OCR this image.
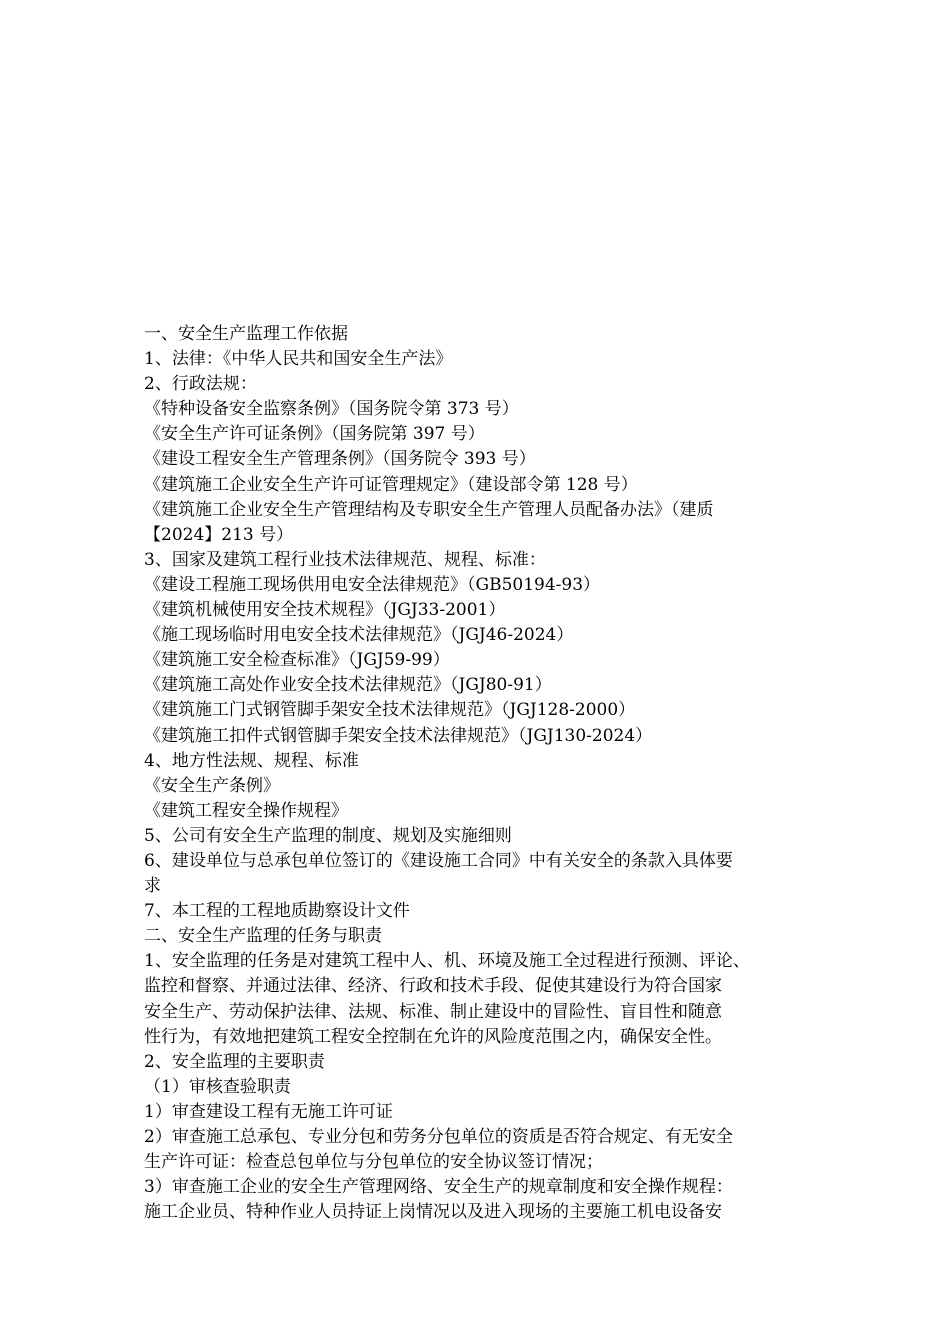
一、安全生产监理工作依据
1、法律：《中华人民共和国安全生产法》
2、行政法规：
《特种设备安全监察条例》（国务院令第 373 号）
《安全生产许可证条例》（国务院第 397 号）
《建设工程安全生产管理条例》（国务院令 393 号）
《建筑施工企业安全生产许可证管理规定》（建设部令第 128 号）
《建筑施工企业安全生产管理结构及专职安全生产管理人员配备办法》（建质
【2024】213 号）
3、国家及建筑工程行业技术法律规范、规程、标准：
《建设工程施工现场供用电安全法律规范》（GB50194-93）
《建筑机械使用安全技术规程》（JGJ33-2001）
《施工现场临时用电安全技术法律规范》（JGJ46-2024）
《建筑施工安全检查标准》（JGJ59-99）
《建筑施工高处作业安全技术法律规范》（JGJ80-91）
《建筑施工门式钢管脚手架安全技术法律规范》（JGJ128-2000）
《建筑施工扣件式钢管脚手架安全技术法律规范》（JGJ130-2024）
4、地方性法规、规程、标准
《安全生产条例》
《建筑工程安全操作规程》
5、公司有安全生产监理的制度、规划及实施细则
6、建设单位与总承包单位签订的《建设施工合同》中有关安全的条款入具体要
求
7、本工程的工程地质勘察设计文件
二、安全生产监理的任务与职责
1、安全监理的任务是对建筑工程中人、机、环境及施工全过程进行预测、评论、
监控和督察、并通过法律、经济、行政和技术手段、促使其建设行为符合国家
安全生产、劳动保护法律、法规、标准、制止建设中的冒险性、盲目性和随意
性行为，有效地把建筑工程安全控制在允许的风险度范围之内，确保安全性。
2、安全监理的主要职责
（1）审核查验职责
1）审查建设工程有无施工许可证
2）审查施工总承包、专业分包和劳务分包单位的资质是否符合规定、有无安全
生产许可证：检查总包单位与分包单位的安全协议签订情况；
3）审查施工企业的安全生产管理网络、安全生产的规章制度和安全操作规程：
施工企业员、特种作业人员持证上岗情况以及进入现场的主要施工机电设备安
